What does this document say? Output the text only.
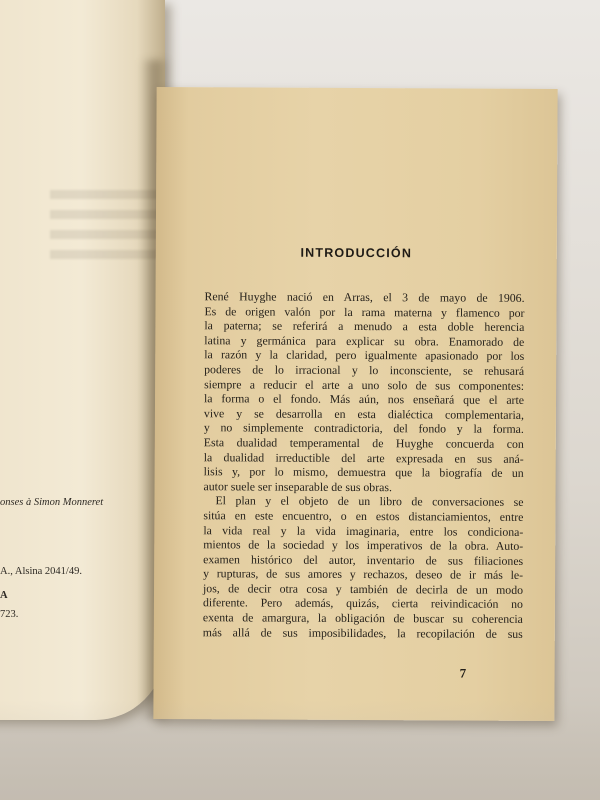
onses à Simon Monneret
A., Alsina 2041/49.
A
723.
INTRODUCCIÓN
René Huyghe nació en Arras, el 3 de mayo de 1906.
Es de origen valón por la rama materna y flamenco por
la paterna; se referirá a menudo a esta doble herencia
latina y germánica para explicar su obra. Enamorado de
la razón y la claridad, pero igualmente apasionado por los
poderes de lo irracional y lo inconsciente, se rehusará
siempre a reducir el arte a uno solo de sus componentes:
la forma o el fondo. Más aún, nos enseñará que el arte
vive y se desarrolla en esta dialéctica complementaria,
y no simplemente contradictoria, del fondo y la forma.
Esta dualidad temperamental de Huyghe concuerda con
la dualidad irreductible del arte expresada en sus aná-
lisis y, por lo mismo, demuestra que la biografía de un
autor suele ser inseparable de sus obras.
El plan y el objeto de un libro de conversaciones se
sitúa en este encuentro, o en estos distanciamientos, entre
la vida real y la vida imaginaria, entre los condiciona-
mientos de la sociedad y los imperativos de la obra. Auto-
examen histórico del autor, inventario de sus filiaciones
y rupturas, de sus amores y rechazos, deseo de ir más le-
jos, de decir otra cosa y también de decirla de un modo
diferente. Pero además, quizás, cierta reivindicación no
exenta de amargura, la obligación de buscar su coherencia
más allá de sus imposibilidades, la recopilación de sus
7
